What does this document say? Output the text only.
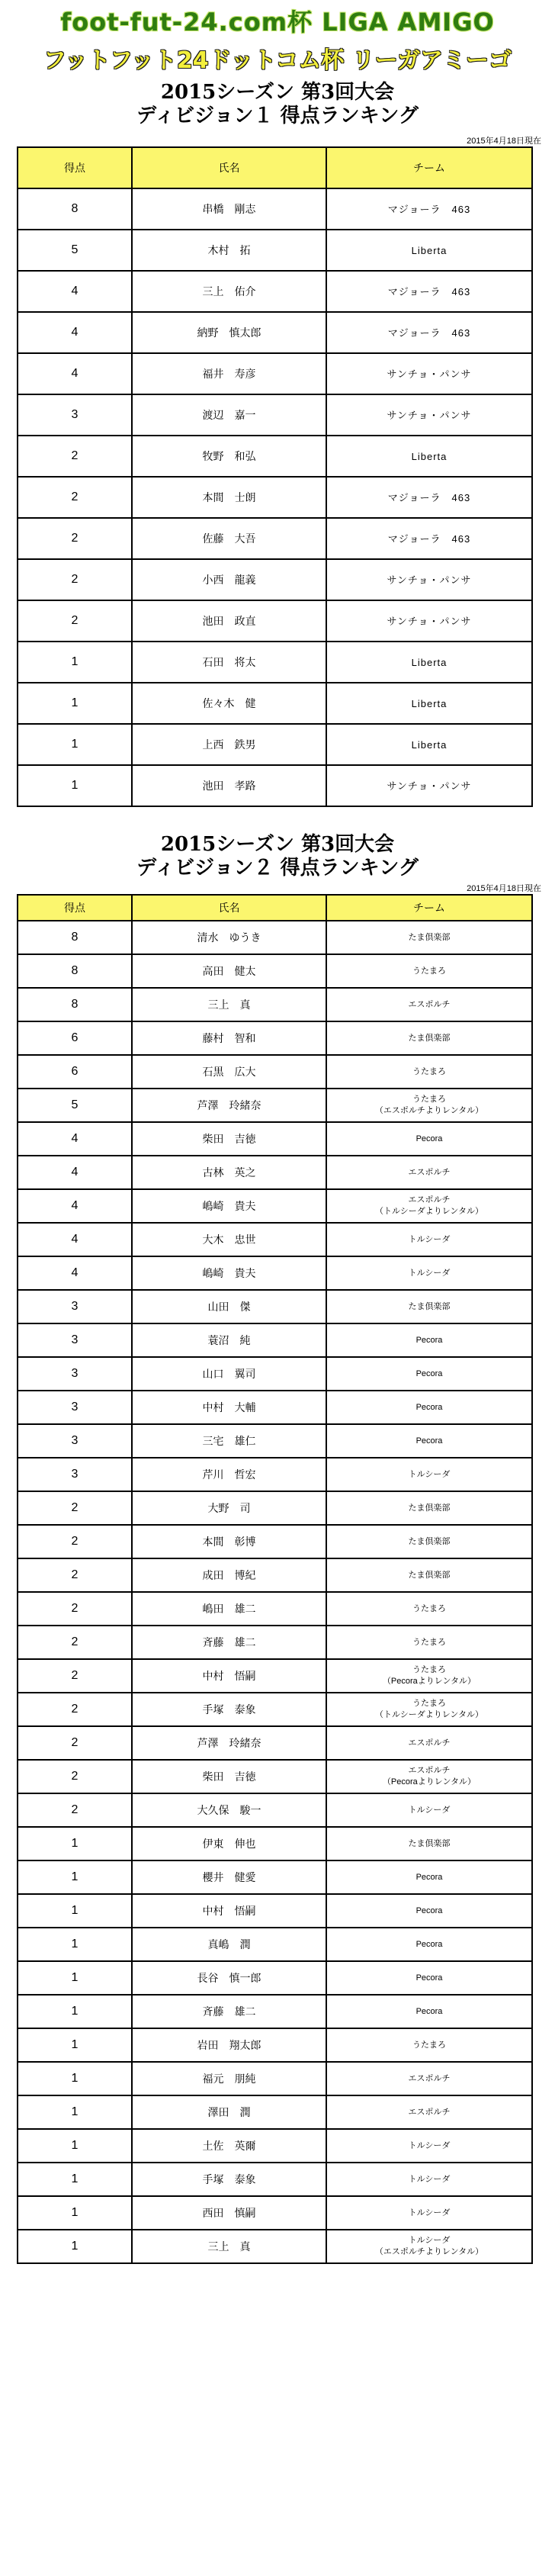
foot-fut-24.com杯 LIGA AMIGO
フットフット24ドットコム杯 リーガアミーゴ
2015シーズン 第3回大会
ディビジョン１ 得点ランキング
2015年4月18日現在
得点	氏名	チーム
8	串橋　剛志	マジョーラ　463

5	木村　拓	Liberta

4	三上　佑介	マジョーラ　463

4	納野　慎太郎	マジョーラ　463

4	福井　寿彦	サンチョ・パンサ

3	渡辺　嘉一	サンチョ・パンサ

2	牧野　和弘	Liberta

2	本間　士朗	マジョーラ　463

2	佐藤　大吾	マジョーラ　463

2	小西　龍義	サンチョ・パンサ

2	池田　政直	サンチョ・パンサ

1	石田　将太	Liberta

1	佐々木　健	Liberta

1	上西　鉄男	Liberta

1	池田　孝路	サンチョ・パンサ
2015シーズン 第3回大会
ディビジョン２ 得点ランキング
2015年4月18日現在
得点	氏名	チーム
8	清水　ゆうき	たま倶楽部

8	高田　健太	うたまろ

8	三上　真	エスポルチ

6	藤村　智和	たま倶楽部

6	石黒　広大	うたまろ

5	芦澤　玲緒奈	うたまろ
（エスポルチよりレンタル）

4	柴田　吉徳	Pecora

4	古林　英之	エスポルチ

4	嶋崎　貴夫	エスポルチ
（トルシーダよりレンタル）

4	大木　忠世	トルシーダ

4	嶋崎　貴夫	トルシーダ

3	山田　傑	たま倶楽部

3	蓑沼　純	Pecora

3	山口　翼司	Pecora

3	中村　大輔	Pecora

3	三宅　雄仁	Pecora

3	芹川　哲宏	トルシーダ

2	大野　司	たま倶楽部

2	本間　彰博	たま倶楽部

2	成田　博紀	たま倶楽部

2	嶋田　雄二	うたまろ

2	斉藤　雄二	うたまろ

2	中村　悟嗣	うたまろ
（Pecoraよりレンタル）

2	手塚　泰象	うたまろ
（トルシーダよりレンタル）

2	芦澤　玲緒奈	エスポルチ

2	柴田　吉徳	エスポルチ
（Pecoraよりレンタル）

2	大久保　駿一	トルシーダ

1	伊東　伸也	たま倶楽部

1	櫻井　健愛	Pecora

1	中村　悟嗣	Pecora

1	真嶋　潤	Pecora

1	長谷　慎一郎	Pecora

1	斉藤　雄二	Pecora

1	岩田　翔太郎	うたまろ

1	福元　朋純	エスポルチ

1	澤田　潤	エスポルチ

1	土佐　英爾	トルシーダ

1	手塚　泰象	トルシーダ

1	西田　慎嗣	トルシーダ

1	三上　真	トルシーダ
（エスポルチよりレンタル）
